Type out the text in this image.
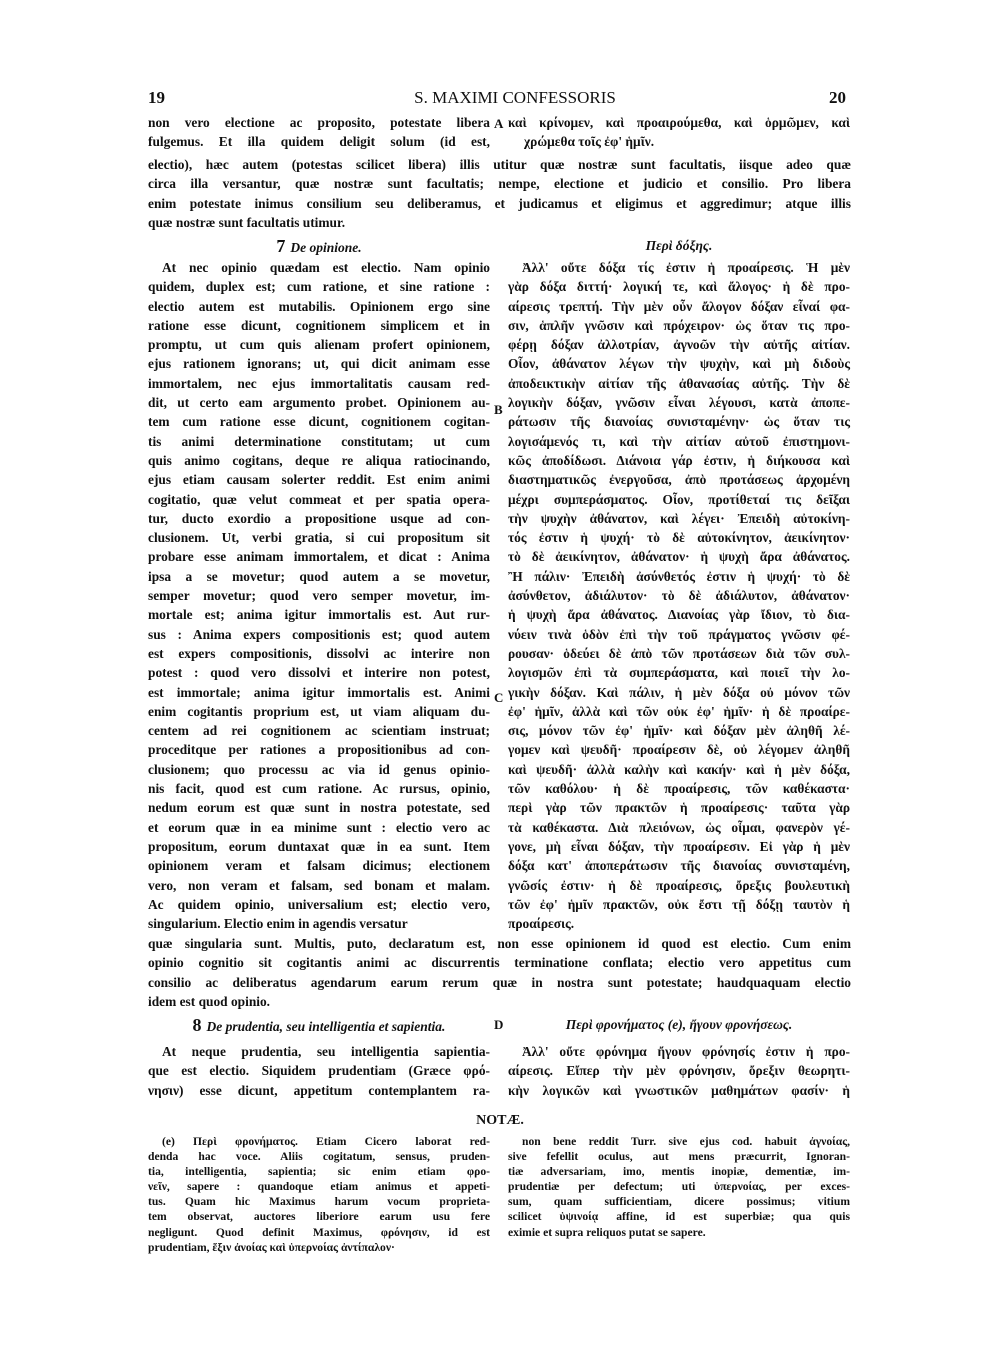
19	S. MAXIMI CONFESSORIS	20
A
B
C
D
non vero electione ac proposito, potestate libera
fulgemus. Et illa quidem deligit solum (id est,
καὶ κρίνομεν, καὶ προαιρούμεθα, καὶ ὁρμῶμεν, καὶ
χρώμεθα τοῖς ἐφ' ἡμῖν.
electio), hæc autem (potestas scilicet libera) illis utitur quæ nostræ sunt facultatis, iisque adeo quæ
circa illa versantur, quæ nostræ sunt facultatis; nempe, electione et judicio et consilio. Pro libera
enim potestate inimus consilium seu deliberamus, et judicamus et eligimus et aggredimur; atque illis
quæ nostræ sunt facultatis utimur.
7 De opinione.	Περὶ δόξης.
At nec opinio quædam est electio. Nam opinio
quidem, duplex est; cum ratione, et sine ratione :
electio autem est mutabilis. Opinionem ergo sine
ratione esse dicunt, cognitionem simplicem et in
promptu, ut cum quis alienam profert opinionem,
ejus rationem ignorans; ut, qui dicit animam esse
immortalem, nec ejus immortalitatis causam red-
dit, ut certo eam argumento probet. Opinionem au-
tem cum ratione esse dicunt, cognitionem cogitan-
tis animi determinatione constitutam; ut cum
quis animo cogitans, deque re aliqua ratiocinando,
ejus etiam causam solerter reddit. Est enim animi
cogitatio, quæ velut commeat et per spatia opera-
tur, ducto exordio a propositione usque ad con-
clusionem. Ut, verbi gratia, si cui propositum sit
probare esse animam immortalem, et dicat : Anima
ipsa a se movetur; quod autem a se movetur,
semper movetur; quod vero semper movetur, im-
mortale est; anima igitur immortalis est. Aut rur-
sus : Anima expers compositionis est; quod autem
est expers compositionis, dissolvi ac interire non
potest : quod vero dissolvi et interire non potest,
est immortale; anima igitur immortalis est. Animi
enim cogitantis proprium est, ut viam aliquam du-
centem ad rei cognitionem ac scientiam instruat;
proceditque per rationes a propositionibus ad con-
clusionem; quo processu ac via id genus opinio-
nis facit, quod est cum ratione. Ac rursus, opinio,
nedum eorum est quæ sunt in nostra potestate, sed
et eorum quæ in ea minime sunt : electio vero ac
propositum, eorum duntaxat quæ in ea sunt. Item
opinionem veram et falsam dicimus; electionem
vero, non veram et falsam, sed bonam et malam.
Ac quidem opinio, universalium est; electio vero,
singularium. Electio enim in agendis versatur
Ἀλλ' οὔτε δόξα τίς ἐστιν ἡ προαίρεσις. Ἡ μὲν
γὰρ δόξα διττή· λογική τε, καὶ ἄλογος· ἡ δὲ προ-
αίρεσις τρεπτή. Τὴν μὲν οὖν ἄλογον δόξαν εἶναί φα-
σιν, ἁπλῆν γνῶσιν καὶ πρόχειρον· ὡς ὅταν τις προ-
φέρῃ δόξαν ἀλλοτρίαν, ἀγνοῶν τὴν αὐτῆς αἰτίαν.
Οἷον, ἀθάνατον λέγων τὴν ψυχὴν, καὶ μὴ διδοὺς
ἀποδεικτικὴν αἰτίαν τῆς ἀθανασίας αὐτῆς. Τὴν δὲ
λογικὴν δόξαν, γνῶσιν εἶναι λέγουσι, κατὰ ἀποπε-
ράτωσιν τῆς διανοίας συνισταμένην· ὡς ὅταν τις
λογισάμενός τι, καὶ τὴν αἰτίαν αὐτοῦ ἐπιστημονι-
κῶς ἀποδίδωσι. Διάνοια γάρ ἐστιν, ἡ διήκουσα καὶ
διαστηματικῶς ἐνεργοῦσα, ἀπὸ προτάσεως ἀρχομένη
μέχρι συμπεράσματος. Οἷον, προτίθεταί τις δεῖξαι
τὴν ψυχὴν ἀθάνατον, καὶ λέγει· Ἐπειδὴ αὐτοκίνη-
τός ἐστιν ἡ ψυχή· τὸ δὲ αὐτοκίνητον, ἀεικίνητον·
τὸ δὲ ἀεικίνητον, ἀθάνατον· ἡ ψυχὴ ἄρα ἀθάνατος.
Ἢ πάλιν· Ἐπειδὴ ἀσύνθετός ἐστιν ἡ ψυχή· τὸ δὲ
ἀσύνθετον, ἀδιάλυτον· τὸ δὲ ἀδιάλυτον, ἀθάνατον·
ἡ ψυχὴ ἄρα ἀθάνατος. Διανοίας γὰρ ἴδιον, τὸ δια-
νύειν τινὰ ὁδὸν ἐπὶ τὴν τοῦ πράγματος γνῶσιν φέ-
ρουσαν· ὁδεύει δὲ ἀπὸ τῶν προτάσεων διὰ τῶν συλ-
λογισμῶν ἐπὶ τὰ συμπεράσματα, καὶ ποιεῖ τὴν λο-
γικὴν δόξαν. Καὶ πάλιν, ἡ μὲν δόξα οὐ μόνον τῶν
ἐφ' ἡμῖν, ἀλλὰ καὶ τῶν οὐκ ἐφ' ἡμῖν· ἡ δὲ προαίρε-
σις, μόνον τῶν ἐφ' ἡμῖν· καὶ δόξαν μὲν ἀληθῆ λέ-
γομεν καὶ ψευδῆ· προαίρεσιν δὲ, οὐ λέγομεν ἀληθῆ
καὶ ψευδῆ· ἀλλὰ καλὴν καὶ κακήν· καὶ ἡ μὲν δόξα,
τῶν καθόλου· ἡ δὲ προαίρεσις, τῶν καθέκαστα·
περὶ γὰρ τῶν πρακτῶν ἡ προαίρεσις· ταῦτα γὰρ
τὰ καθέκαστα. Διὰ πλειόνων, ὡς οἶμαι, φανερὸν γέ-
γονε, μὴ εἶναι δόξαν, τὴν προαίρεσιν. Εἰ γὰρ ἡ μὲν
δόξα κατ' ἀποπεράτωσιν τῆς διανοίας συνισταμένη,
γνῶσίς ἐστιν· ἡ δὲ προαίρεσις, ὄρεξις βουλευτικὴ
τῶν ἐφ' ἡμῖν πρακτῶν, οὐκ ἔστι τῇ δόξῃ ταυτὸν ἡ
προαίρεσις.
quæ singularia sunt. Multis, puto, declaratum est, non esse opinionem id quod est electio. Cum enim
opinio cognitio sit cogitantis animi ac discurrentis terminatione conflata; electio vero appetitus cum
consilio ac deliberatus agendarum earum rerum quæ in nostra sunt potestate; haudquaquam electio
idem est quod opinio.
8 De prudentia, seu intelligentia et sapientia.	Περὶ φρονήματος (e), ἤγουν φρονήσεως.
At neque prudentia, seu intelligentia sapientia-
que est electio. Siquidem prudentiam (Græce φρό-
νησιν) esse dicunt, appetitum contemplantem ra-
Ἀλλ' οὔτε φρόνημα ἤγουν φρόνησίς ἐστιν ἡ προ-
αίρεσις. Εἴπερ τὴν μὲν φρόνησιν, ὄρεξιν θεωρητι-
κὴν λογικῶν καὶ γνωστικῶν μαθημάτων φασίν· ἡ
NOTÆ.
(e) Περὶ φρονήματος. Etiam Cicero laborat red-
denda hac voce. Aliis cogitatum, sensus, pruden-
tia, intelligentia, sapientia; sic enim etiam φρο-
νεῖν, sapere : quandoque etiam animus et appeti-
tus. Quam hic Maximus harum vocum proprieta-
tem observat, auctores liberiore earum usu fere
negligunt. Quod definit Maximus, φρόνησιν, id est
prudentiam, ἕξιν ἀνοίας καὶ ὑπερνοίας ἀντίπαλον·
non bene reddit Turr. sive ejus cod. habuit ἀγνοίας,
sive fefellit oculus, aut mens præcurrit, Ignoran-
tiæ adversariam, imo, mentis inopiæ, dementiæ, im-
prudentiæ per defectum; uti ὑπερνοίας, per exces-
sum, quam sufficientiam, dicere possimus; vitium
scilicet ὑψινοίᾳ affine, id est superbiæ; qua quis
eximie et supra reliquos putat se sapere.
